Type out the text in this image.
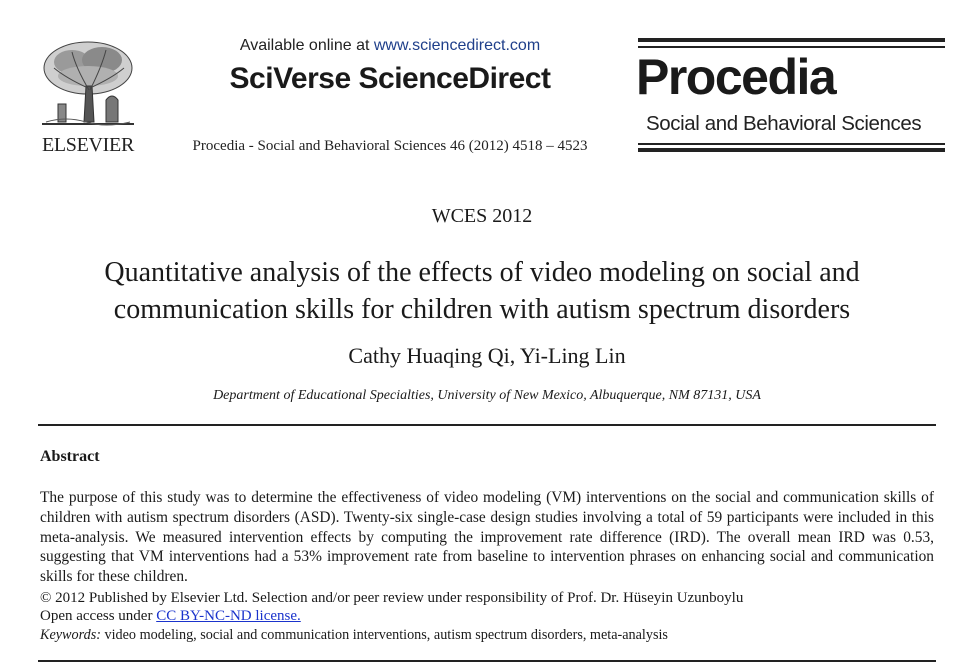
ELSEVIER
Available online at www.sciencedirect.com
SciVerse ScienceDirect
Procedia - Social and Behavioral Sciences 46 (2012) 4518 – 4523
Procedia
Social and Behavioral Sciences
WCES 2012
Quantitative analysis of the effects of video modeling on social and
communication skills for children with autism spectrum disorders
Cathy Huaqing Qi, Yi-Ling Lin
Department of Educational Specialties, University of New Mexico, Albuquerque, NM 87131, USA
Abstract
The purpose of this study was to determine the effectiveness of video modeling (VM) interventions on the social and communication skills of children with autism spectrum disorders (ASD). Twenty-six single-case design studies involving a total of 59 participants were included in this meta-analysis. We measured intervention effects by computing the improvement rate difference (IRD). The overall mean IRD was 0.53, suggesting that VM interventions had a 53% improvement rate from baseline to intervention phrases on enhancing social and communication skills for these children.
© 2012 Published by Elsevier Ltd. Selection and/or peer review under responsibility of Prof. Dr. Hüseyin Uzunboylu
Open access under CC BY-NC-ND license.
Keywords: video modeling, social and communication interventions, autism spectrum disorders, meta-analysis
